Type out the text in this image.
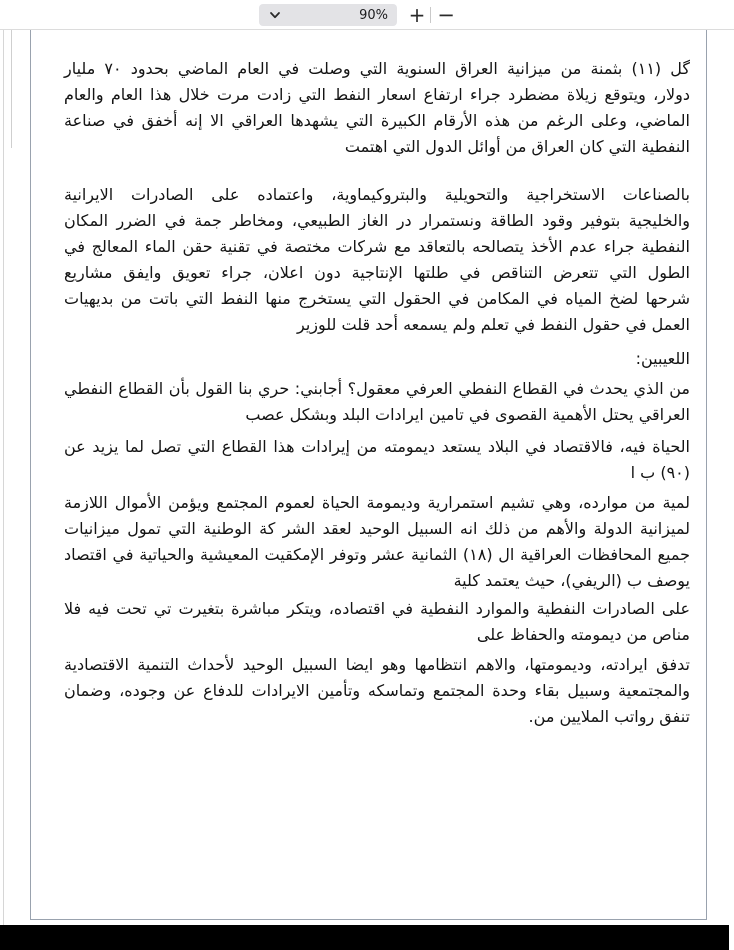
90%	+ −
گل (١١) بثمنة من ميزانية العراق السنوية التي وصلت في العام الماضي بحدود ٧٠ مليار
دولار، ويتوقع زيلاة مضطرد جراء ارتفاع اسعار النفط التي زادت مرت خلال هذا العام والعام
الماضي، وعلى الرغم من هذه الأرقام الكبيرة التي يشهدها العراقي الا إنه أخفق في صناعة
النفطية التي كان العراق من أوائل الدول التي اهتمت
بالصناعات الاستخراجية والتحويلية والبتروكيماوية، واعتماده على الصادرات الايرانية
والخليجية بتوفير وقود الطاقة ونستمرار در الغاز الطبيعي، ومخاطر جمة في الضرر المكان
النفطية جراء عدم الأخذ يتصالحه بالتعاقد مع شركات مختصة في تقنية حقن الماء المعالج في
الطول التي تتعرض التناقص في طلتها الإنتاجية دون اعلان، جراء تعويق وايفق مشاريع
شرحها لضخ المياه في المكامن في الحقول التي يستخرج منها النفط التي باتت من بديهيات
العمل في حقول النفط في تعلم ولم يسمعه أحد قلت للوزير
اللعيبين:
من الذي يحدث في القطاع النفطي العرفي معقول؟ أجابني: حري بنا القول بأن القطاع النفطي
العراقي يحتل الأهمية القصوى في تامين ايرادات البلد وبشكل عصب
الحياة فيه، فالاقتصاد في البلاد يستعد ديمومته من إيرادات هذا القطاع التي تصل لما يزيد عن
(٩٠) ب ا
لمية من موارده، وهي تشيم استمرارية وديمومة الحياة لعموم المجتمع ويؤمن الأموال اللازمة
لميزانية الدولة والأهم من ذلك انه السبيل الوحيد لعقد الشر كة الوطنية التي تمول ميزانيات
جميع المحافظات العراقية ال (١٨) الثمانية عشر وتوفر الإمكقيت المعيشية والحياتية في اقتصاد
يوصف ب (الريفي)، حيث يعتمد كلية
على الصادرات النفطية والموارد النفطية في اقتصاده، ويتكر مباشرة بتغيرت تي تحت فيه فلا
مناص من ديمومته والحفاظ على
تدفق ايرادته، وديمومتها، والاهم انتظامها وهو ايضا السبيل الوحيد لأحداث التنمية الاقتصادية
والمجتمعية وسبيل بقاء وحدة المجتمع وتماسكه وتأمين الايرادات للدفاع عن وجوده، وضمان
تنفق رواتب الملايين من.
